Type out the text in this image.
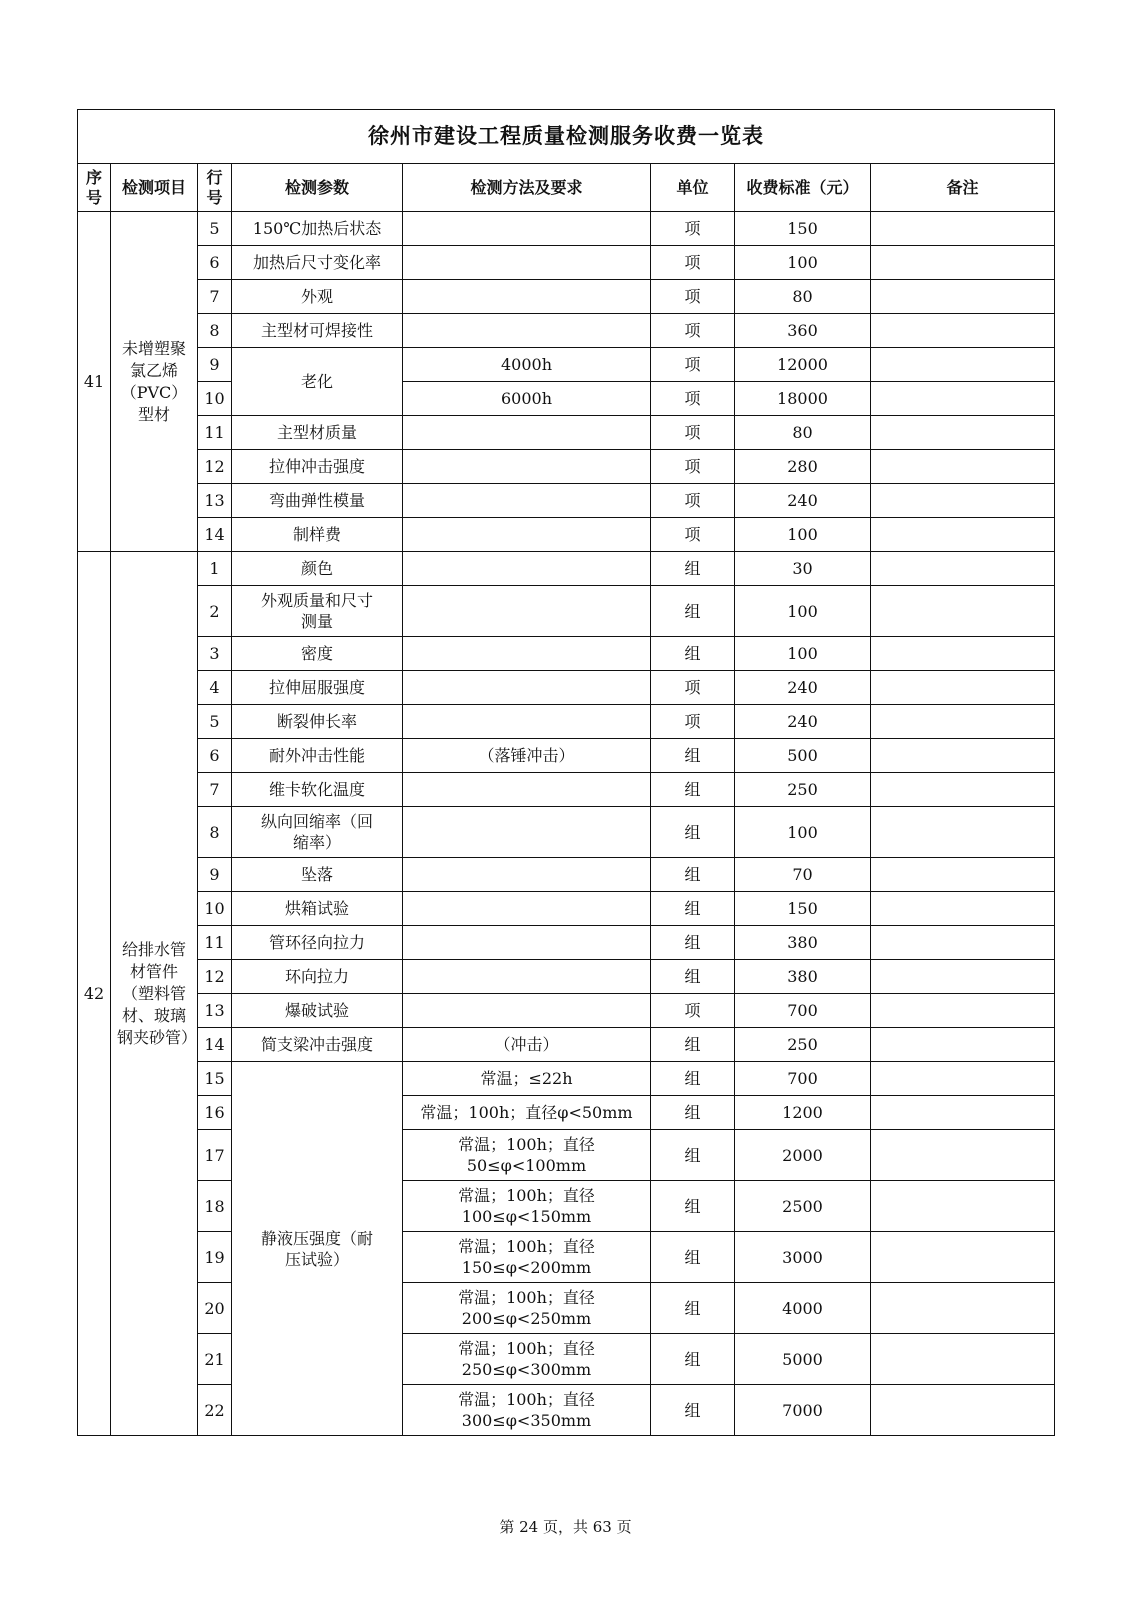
徐州市建设工程质量检测服务收费一览表							
序号	检测项目	行号	检测参数	检测方法及要求	单位	收费标准（元）	备注
41	未增塑聚氯乙烯（PVC）型材	5	150℃加热后状态		项	150	
		6	加热后尺寸变化率		项	100	
		7	外观		项	80	
		8	主型材可焊接性		项	360	
		9	老化	4000h	项	12000	
		10		6000h	项	18000	
		11	主型材质量		项	80	
		12	拉伸冲击强度		项	280	
		13	弯曲弹性模量		项	240	
		14	制样费		项	100	
42	给排水管材管件（塑料管材、玻璃钢夹砂管）	1	颜色		组	30	
		2	外观质量和尺寸测量		组	100	
		3	密度		组	100	
		4	拉伸屈服强度		项	240	
		5	断裂伸长率		项	240	
		6	耐外冲击性能	（落锤冲击）	组	500	
		7	维卡软化温度		组	250	
		8	纵向回缩率（回缩率）		组	100	
		9	坠落		组	70	
		10	烘箱试验		组	150	
		11	管环径向拉力		组	380	
		12	环向拉力		组	380	
		13	爆破试验		项	700	
		14	简支梁冲击强度	（冲击）	组	250	
		15	静液压强度（耐压试验）	常温；≤22h	组	700	
		16		常温；100h；直径φ<50mm	组	1200	
		17		常温；100h；直径50≤φ<100mm	组	2000	
		18		常温；100h；直径100≤φ<150mm	组	2500	
		19		常温；100h；直径150≤φ<200mm	组	3000	
		20		常温；100h；直径200≤φ<250mm	组	4000	
		21		常温；100h；直径250≤φ<300mm	组	5000	
		22		常温；100h；直径300≤φ<350mm	组	7000	
第 24 页，共 63 页
